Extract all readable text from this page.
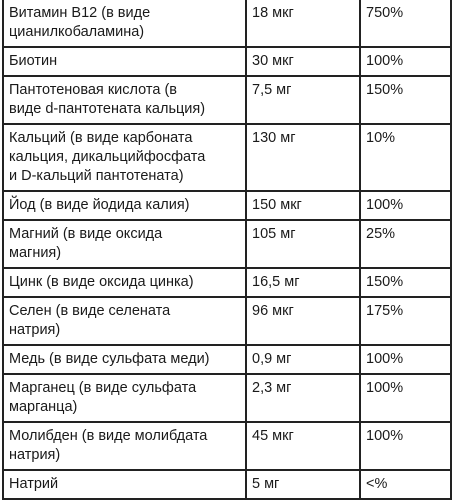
Витамин В12 (в виде
цианилкобаламина)	18 мкг	750%
Биотин	30 мкг	100%
Пантотеновая кислота (в
виде d-пантотената кальция)	7,5 мг	150%
Кальций (в виде карбоната
кальция, дикальцийфосфата
и D-кальций пантотената)	130 мг	10%
Йод (в виде йодида калия)	150 мкг	100%
Магний (в виде оксида
магния)	105 мг	25%
Цинк (в виде оксида цинка)	16,5 мг	150%
Селен (в виде селената
натрия)	96 мкг	175%
Медь (в виде сульфата меди)	0,9 мг	100%
Марганец (в виде сульфата
марганца)	2,3 мг	100%
Молибден (в виде молибдата
натрия)	45 мкг	100%
Натрий	5 мг	<%
